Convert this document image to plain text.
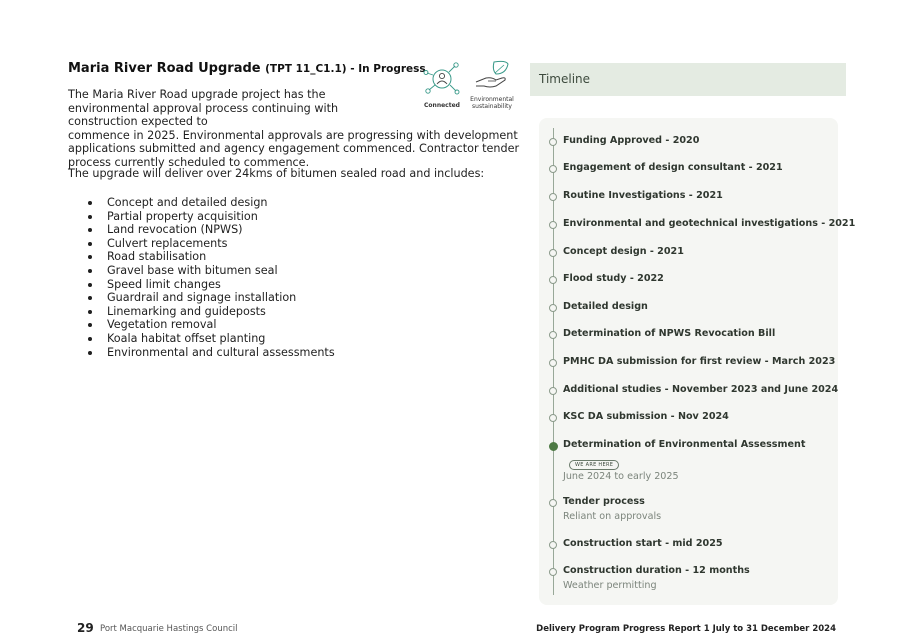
Maria River Road Upgrade (TPT 11_C1.1) - In Progress

The Maria River Road upgrade project has the environmental approval process continuing with construction expected to
commence in 2025. Environmental approvals are progressing with development applications submitted and agency engagement commenced. Contractor tender process currently scheduled to commence.

The upgrade will deliver over 24kms of bitumen sealed road and includes:

Concept and detailed design
Partial property acquisition
Land revocation (NPWS)
Culvert replacements
Road stabilisation
Gravel base with bitumen seal
Speed limit changes
Guardrail and signage installation
Linemarking and guideposts
Vegetation removal
Koala habitat offset planting
Environmental and cultural assessments
Connected
Environmental
sustainability
Timeline
Funding Approved - 2020
Engagement of design consultant - 2021
Routine Investigations - 2021
Environmental and geotechnical investigations - 2021
Concept design - 2021
Flood study - 2022
Detailed design
Determination of NPWS Revocation Bill
PMHC DA submission for first review - March 2023
Additional studies - November 2023 and June 2024
KSC DA submission - Nov 2024
Determination of Environmental Assessment
WE ARE HERE
June 2024 to early 2025
Tender process
Reliant on approvals
Construction start - mid 2025
Construction duration - 12 months
Weather permitting
29 Port Macquarie Hastings Council	Delivery Program Progress Report 1 July to 31 December 2024
